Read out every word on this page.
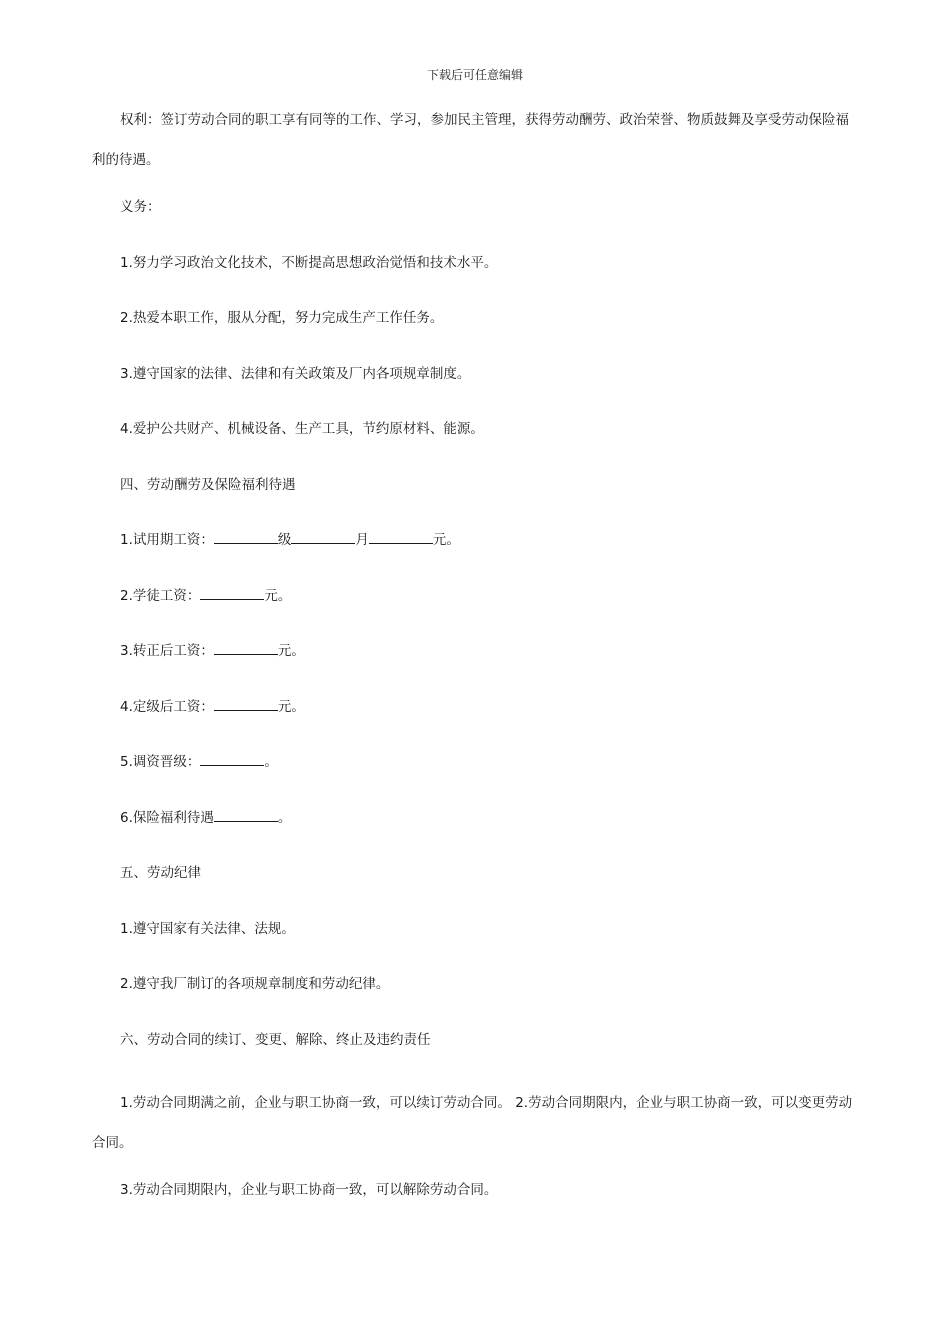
下载后可任意编辑

权利：签订劳动合同的职工享有同等的工作、学习，参加民主管理，获得劳动酬劳、政治荣誉、物质鼓舞及享受劳动保险福利的待遇。

义务：

1.努力学习政治文化技术，不断提高思想政治觉悟和技术水平。

2.热爱本职工作，服从分配，努力完成生产工作任务。

3.遵守国家的法律、法律和有关政策及厂内各项规章制度。

4.爱护公共财产、机械设备、生产工具，节约原材料、能源。

四、劳动酬劳及保险福利待遇

1.试用期工资：	级	月	元。

2.学徒工资：	元。

3.转正后工资：	元。

4.定级后工资：	元。

5.调资晋级：	。

6.保险福利待遇	。

五、劳动纪律

1.遵守国家有关法律、法规。

2.遵守我厂制订的各项规章制度和劳动纪律。

六、劳动合同的续订、变更、解除、终止及违约责任

1.劳动合同期满之前，企业与职工协商一致，可以续订劳动合同。 2.劳动合同期限内，企业与职工协商一致，可以变更劳动合同。

3.劳动合同期限内，企业与职工协商一致，可以解除劳动合同。
